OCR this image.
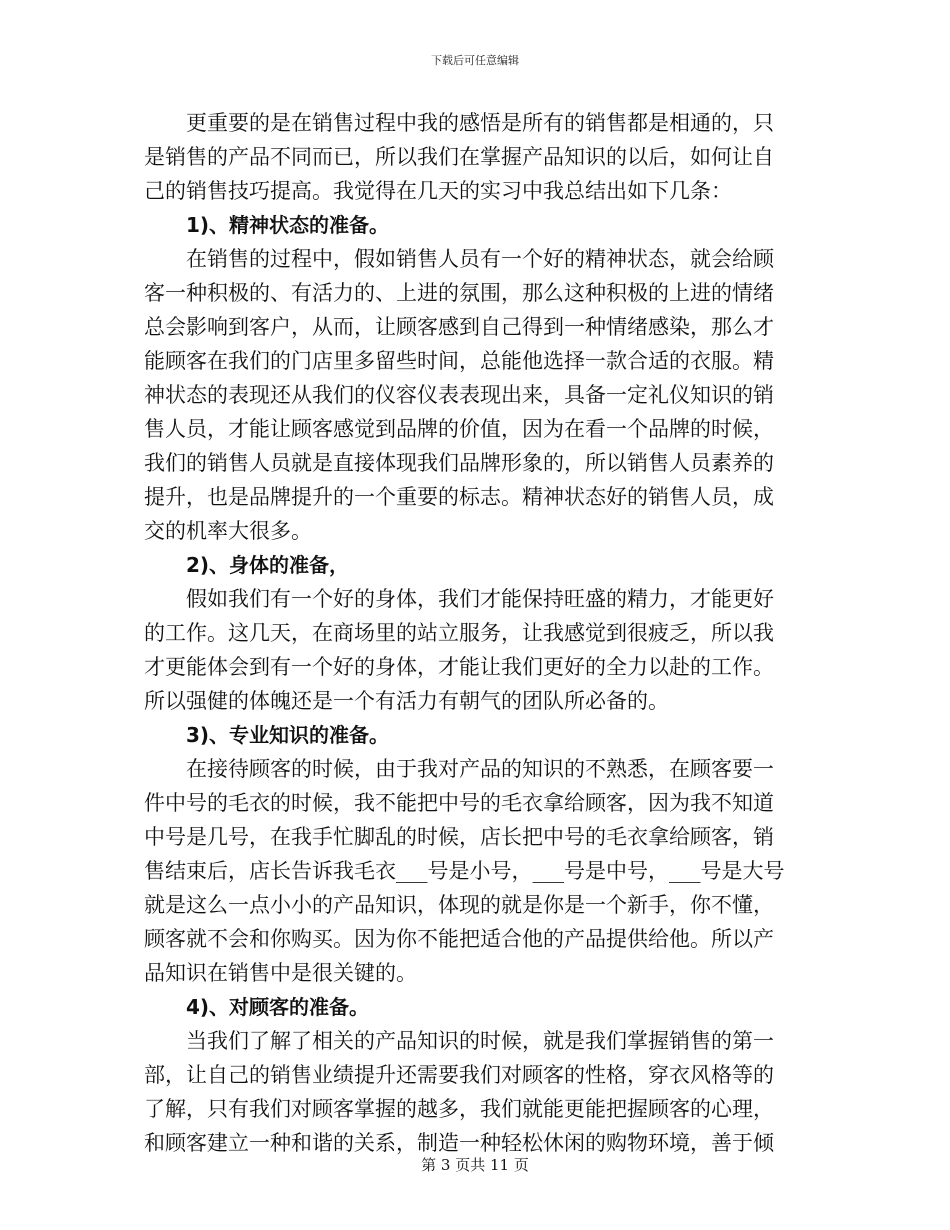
下载后可任意编辑
更重要的是在销售过程中我的感悟是所有的销售都是相通的，只
是销售的产品不同而已，所以我们在掌握产品知识的以后，如何让自
己的销售技巧提高。我觉得在几天的实习中我总结出如下几条：
1)、精神状态的准备。
在销售的过程中，假如销售人员有一个好的精神状态，就会给顾
客一种积极的、有活力的、上进的氛围，那么这种积极的上进的情绪
总会影响到客户，从而，让顾客感到自己得到一种情绪感染，那么才
能顾客在我们的门店里多留些时间，总能他选择一款合适的衣服。精
神状态的表现还从我们的仪容仪表表现出来，具备一定礼仪知识的销
售人员，才能让顾客感觉到品牌的价值，因为在看一个品牌的时候，
我们的销售人员就是直接体现我们品牌形象的，所以销售人员素养的
提升，也是品牌提升的一个重要的标志。精神状态好的销售人员，成
交的机率大很多。
2)、身体的准备，
假如我们有一个好的身体，我们才能保持旺盛的精力，才能更好
的工作。这几天，在商场里的站立服务，让我感觉到很疲乏，所以我
才更能体会到有一个好的身体，才能让我们更好的全力以赴的工作。
所以强健的体魄还是一个有活力有朝气的团队所必备的。
3)、专业知识的准备。
在接待顾客的时候，由于我对产品的知识的不熟悉，在顾客要一
件中号的毛衣的时候，我不能把中号的毛衣拿给顾客，因为我不知道
中号是几号，在我手忙脚乱的时候，店长把中号的毛衣拿给顾客，销
售结束后，店长告诉我毛衣___号是小号，___号是中号，___号是大号
就是这么一点小小的产品知识，体现的就是你是一个新手，你不懂，
顾客就不会和你购买。因为你不能把适合他的产品提供给他。所以产
品知识在销售中是很关键的。
4)、对顾客的准备。
当我们了解了相关的产品知识的时候，就是我们掌握销售的第一
部，让自己的销售业绩提升还需要我们对顾客的性格，穿衣风格等的
了解，只有我们对顾客掌握的越多，我们就能更能把握顾客的心理，
和顾客建立一种和谐的关系，制造一种轻松休闲的购物环境，善于倾
第 3 页共 11 页
